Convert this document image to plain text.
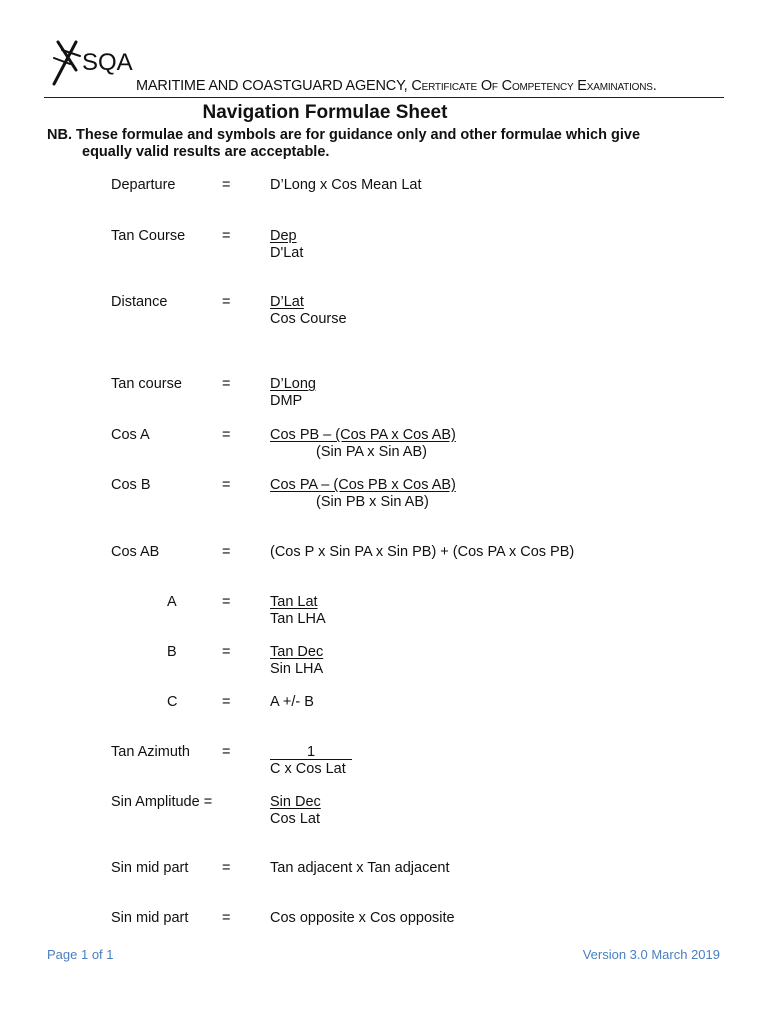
SQA
MARITIME AND COASTGUARD AGENCY, Certificate Of Competency Examinations.
Navigation Formulae Sheet
NB. These formulae and symbols are for guidance only and other formulae which give
equally valid results are acceptable.
Departure	=	D’Long x Cos Mean Lat
Tan Course	=	Dep
D'Lat
Distance	=	D’Lat
Cos Course
Tan course	=	D’Long
DMP
Cos A	=	Cos PB – (Cos PA x Cos AB)
(Sin PA x Sin AB)
Cos B	=	Cos PA – (Cos PB x Cos AB)
(Sin PB x Sin AB)
Cos AB	=	(Cos P x Sin PA x Sin PB) + (Cos PA x Cos PB)
A	=	Tan Lat
Tan LHA
B	=	Tan Dec
Sin LHA
C	=	A +/- B
Tan Azimuth =	1
C x Cos Lat
Sin Amplitude =	Sin Dec
Cos Lat
Sin mid part =	Tan adjacent x Tan adjacent
Sin mid part =	Cos opposite x Cos opposite
Page 1 of 1	Version 3.0 March 2019
